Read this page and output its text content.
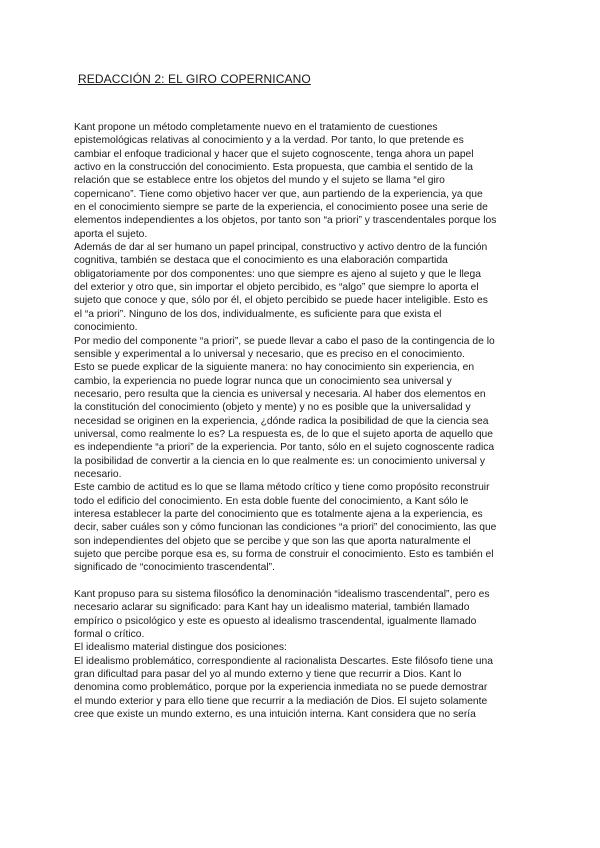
REDACCIÓN 2: EL GIRO COPERNICANO
Kant propone un método completamente nuevo en el tratamiento de cuestiones
epistemológicas relativas al conocimiento y a la verdad. Por tanto, lo que pretende es
cambiar el enfoque tradicional y hacer que el sujeto cognoscente, tenga ahora un papel
activo en la construcción del conocimiento. Esta propuesta, que cambia el sentido de la
relación que se establece entre los objetos del mundo y el sujeto se llama “el giro
copernicano”. Tiene como objetivo hacer ver que, aun partiendo de la experiencia, ya que
en el conocimiento siempre se parte de la experiencia, el conocimiento posee una serie de
elementos independientes a los objetos, por tanto son “a priori” y trascendentales porque los
aporta el sujeto.
Además de dar al ser humano un papel principal, constructivo y activo dentro de la función
cognitiva, también se destaca que el conocimiento es una elaboración compartida
obligatoriamente por dos componentes: uno que siempre es ajeno al sujeto y que le llega
del exterior y otro que, sin importar el objeto percibido, es “algo” que siempre lo aporta el
sujeto que conoce y que, sólo por él, el objeto percibido se puede hacer inteligible. Esto es
el “a priori”. Ninguno de los dos, individualmente, es suficiente para que exista el
conocimiento.
Por medio del componente “a priori”, se puede llevar a cabo el paso de la contingencia de lo
sensible y experimental a lo universal y necesario, que es preciso en el conocimiento.
Esto se puede explicar de la siguiente manera: no hay conocimiento sin experiencia, en
cambio, la experiencia no puede lograr nunca que un conocimiento sea universal y
necesario, pero resulta que la ciencia es universal y necesaria. Al haber dos elementos en
la constitución del conocimiento (objeto y mente) y no es posible que la universalidad y
necesidad se originen en la experiencia, ¿dónde radica la posibilidad de que la ciencia sea
universal, como realmente lo es? La respuesta es, de lo que el sujeto aporta de aquello que
es independiente “a priori” de la experiencia. Por tanto, sólo en el sujeto cognoscente radica
la posibilidad de convertir a la ciencia en lo que realmente es: un conocimiento universal y
necesario.
Este cambio de actitud es lo que se llama método crítico y tiene como propósito reconstruir
todo el edificio del conocimiento. En esta doble fuente del conocimiento, a Kant sólo le
interesa establecer la parte del conocimiento que es totalmente ajena a la experiencia, es
decir, saber cuáles son y cómo funcionan las condiciones “a priori” del conocimiento, las que
son independientes del objeto que se percibe y que son las que aporta naturalmente el
sujeto que percibe porque esa es, su forma de construir el conocimiento. Esto es también el
significado de “conocimiento trascendental”.
Kant propuso para su sistema filosófico la denominación “idealismo trascendental”, pero es
necesario aclarar su significado: para Kant hay un idealismo material, también llamado
empírico o psicológico y este es opuesto al idealismo trascendental, igualmente llamado
formal o crítico.
El idealismo material distingue dos posiciones:
El idealismo problemático, correspondiente al racionalista Descartes. Este filósofo tiene una
gran dificultad para pasar del yo al mundo externo y tiene que recurrir a Dios. Kant lo
denomina como problemático, porque por la experiencia inmediata no se puede demostrar
el mundo exterior y para ello tiene que recurrir a la mediación de Dios. El sujeto solamente
cree que existe un mundo externo, es una intuición interna. Kant considera que no sería
